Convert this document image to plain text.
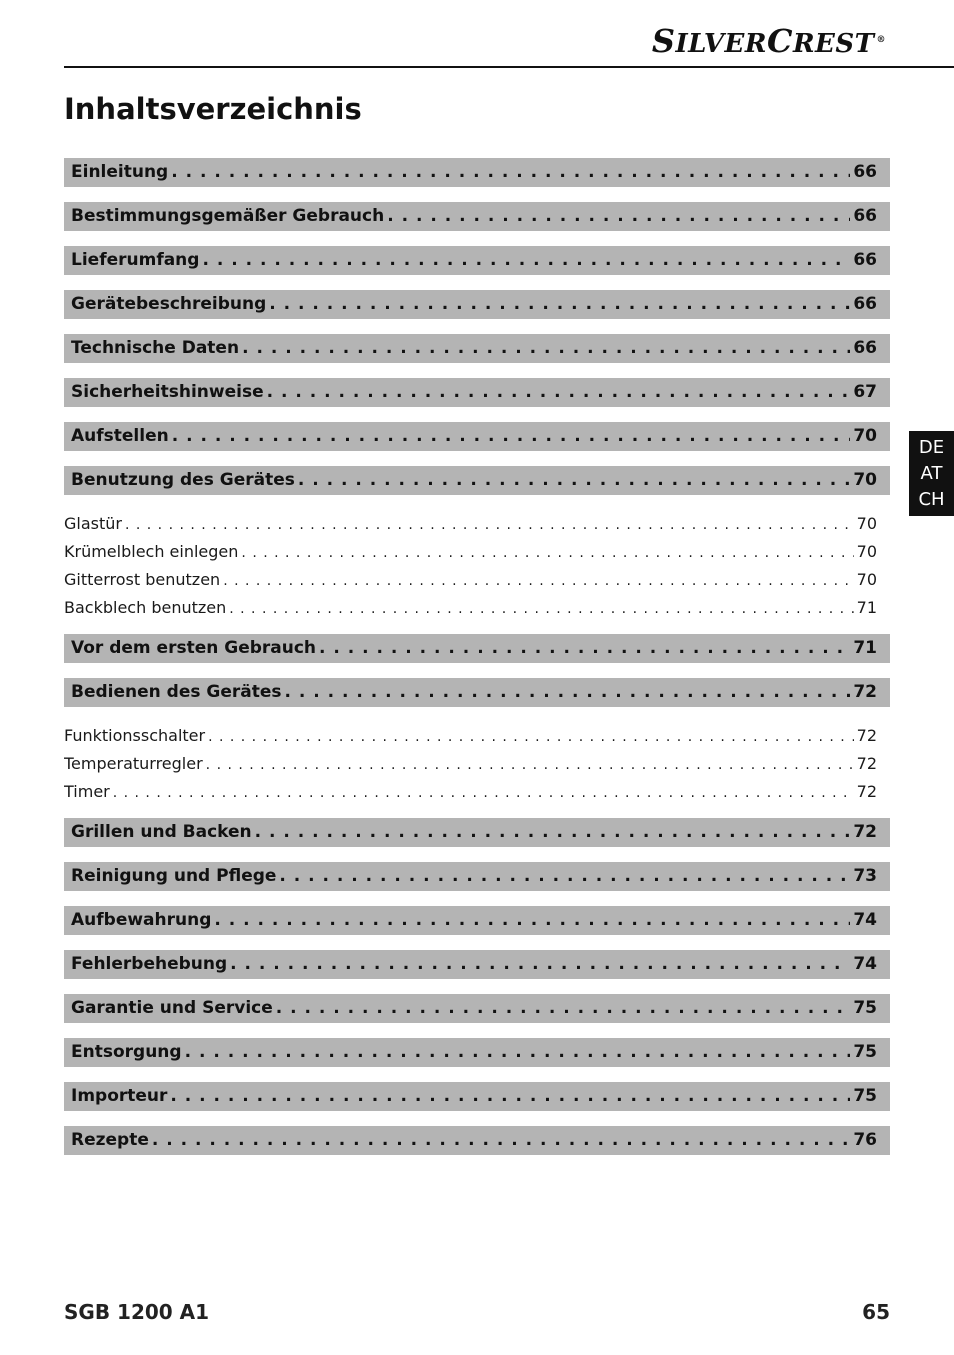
SILVERCREST ®
Inhaltsverzeichnis
Einleitung . . .	66
Bestimmungsgemäßer Gebrauch . . .	66
Lieferumfang . . .	66
Gerätebeschreibung . . .	66
Technische Daten . . .	66
Sicherheitshinweise . . .	67
Aufstellen . . .	70
Benutzung des Gerätes . . .	70
Glastür . . .	70
Krümelblech einlegen . . .	70
Gitterrost benutzen . . .	70
Backblech benutzen . . .	71
Vor dem ersten Gebrauch . . .	71
Bedienen des Gerätes . . .	72
Funktionsschalter . . .	72
Temperaturregler . . .	72
Timer . . .	72
Grillen und Backen . . .	72
Reinigung und Pflege . . .	73
Aufbewahrung . . .	74
Fehlerbehebung . . .	74
Garantie und Service . . .	75
Entsorgung . . .	75
Importeur . . .	75
Rezepte . . .	76
DE
AT
CH
SGB 1200 A1	65
